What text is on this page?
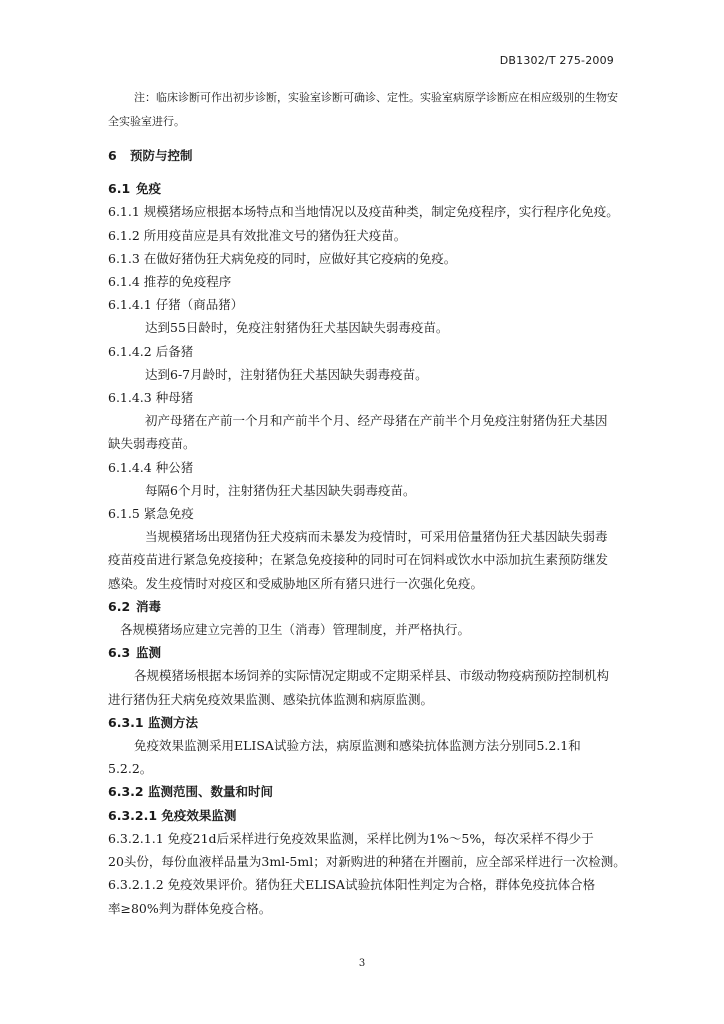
DB1302/T 275-2009

注：临床诊断可作出初步诊断，实验室诊断可确诊、定性。实验室病原学诊断应在相应级别的生物安

全实验室进行。

6 预防与控制

6.1 免疫

6.1.1 规模猪场应根据本场特点和当地情况以及疫苗种类，制定免疫程序，实行程序化免疫。

6.1.2 所用疫苗应是具有效批准文号的猪伪狂犬疫苗。

6.1.3 在做好猪伪狂犬病免疫的同时，应做好其它疫病的免疫。

6.1.4 推荐的免疫程序

6.1.4.1 仔猪（商品猪）

达到55日龄时，免疫注射猪伪狂犬基因缺失弱毒疫苗。

6.1.4.2 后备猪

达到6-7月龄时，注射猪伪狂犬基因缺失弱毒疫苗。

6.1.4.3 种母猪

初产母猪在产前一个月和产前半个月、经产母猪在产前半个月免疫注射猪伪狂犬基因

缺失弱毒疫苗。

6.1.4.4 种公猪

每隔6个月时，注射猪伪狂犬基因缺失弱毒疫苗。

6.1.5 紧急免疫

当规模猪场出现猪伪狂犬疫病而未暴发为疫情时，可采用倍量猪伪狂犬基因缺失弱毒

疫苗疫苗进行紧急免疫接种；在紧急免疫接种的同时可在饲料或饮水中添加抗生素预防继发

感染。发生疫情时对疫区和受威胁地区所有猪只进行一次强化免疫。

6.2 消毒

各规模猪场应建立完善的卫生（消毒）管理制度，并严格执行。

6.3 监测

各规模猪场根据本场饲养的实际情况定期或不定期采样县、市级动物疫病预防控制机构

进行猪伪狂犬病免疫效果监测、感染抗体监测和病原监测。

6.3.1 监测方法

免疫效果监测采用ELISA试验方法，病原监测和感染抗体监测方法分别同5.2.1和

5.2.2。

6.3.2 监测范围、数量和时间

6.3.2.1 免疫效果监测

6.3.2.1.1 免疫21d后采样进行免疫效果监测，采样比例为1%～5%，每次采样不得少于

20头份，每份血液样品量为3ml-5ml；对新购进的种猪在并圈前，应全部采样进行一次检测。

6.3.2.1.2 免疫效果评价。猪伪狂犬ELISA试验抗体阳性判定为合格，群体免疫抗体合格

率≥80%判为群体免疫合格。

3
